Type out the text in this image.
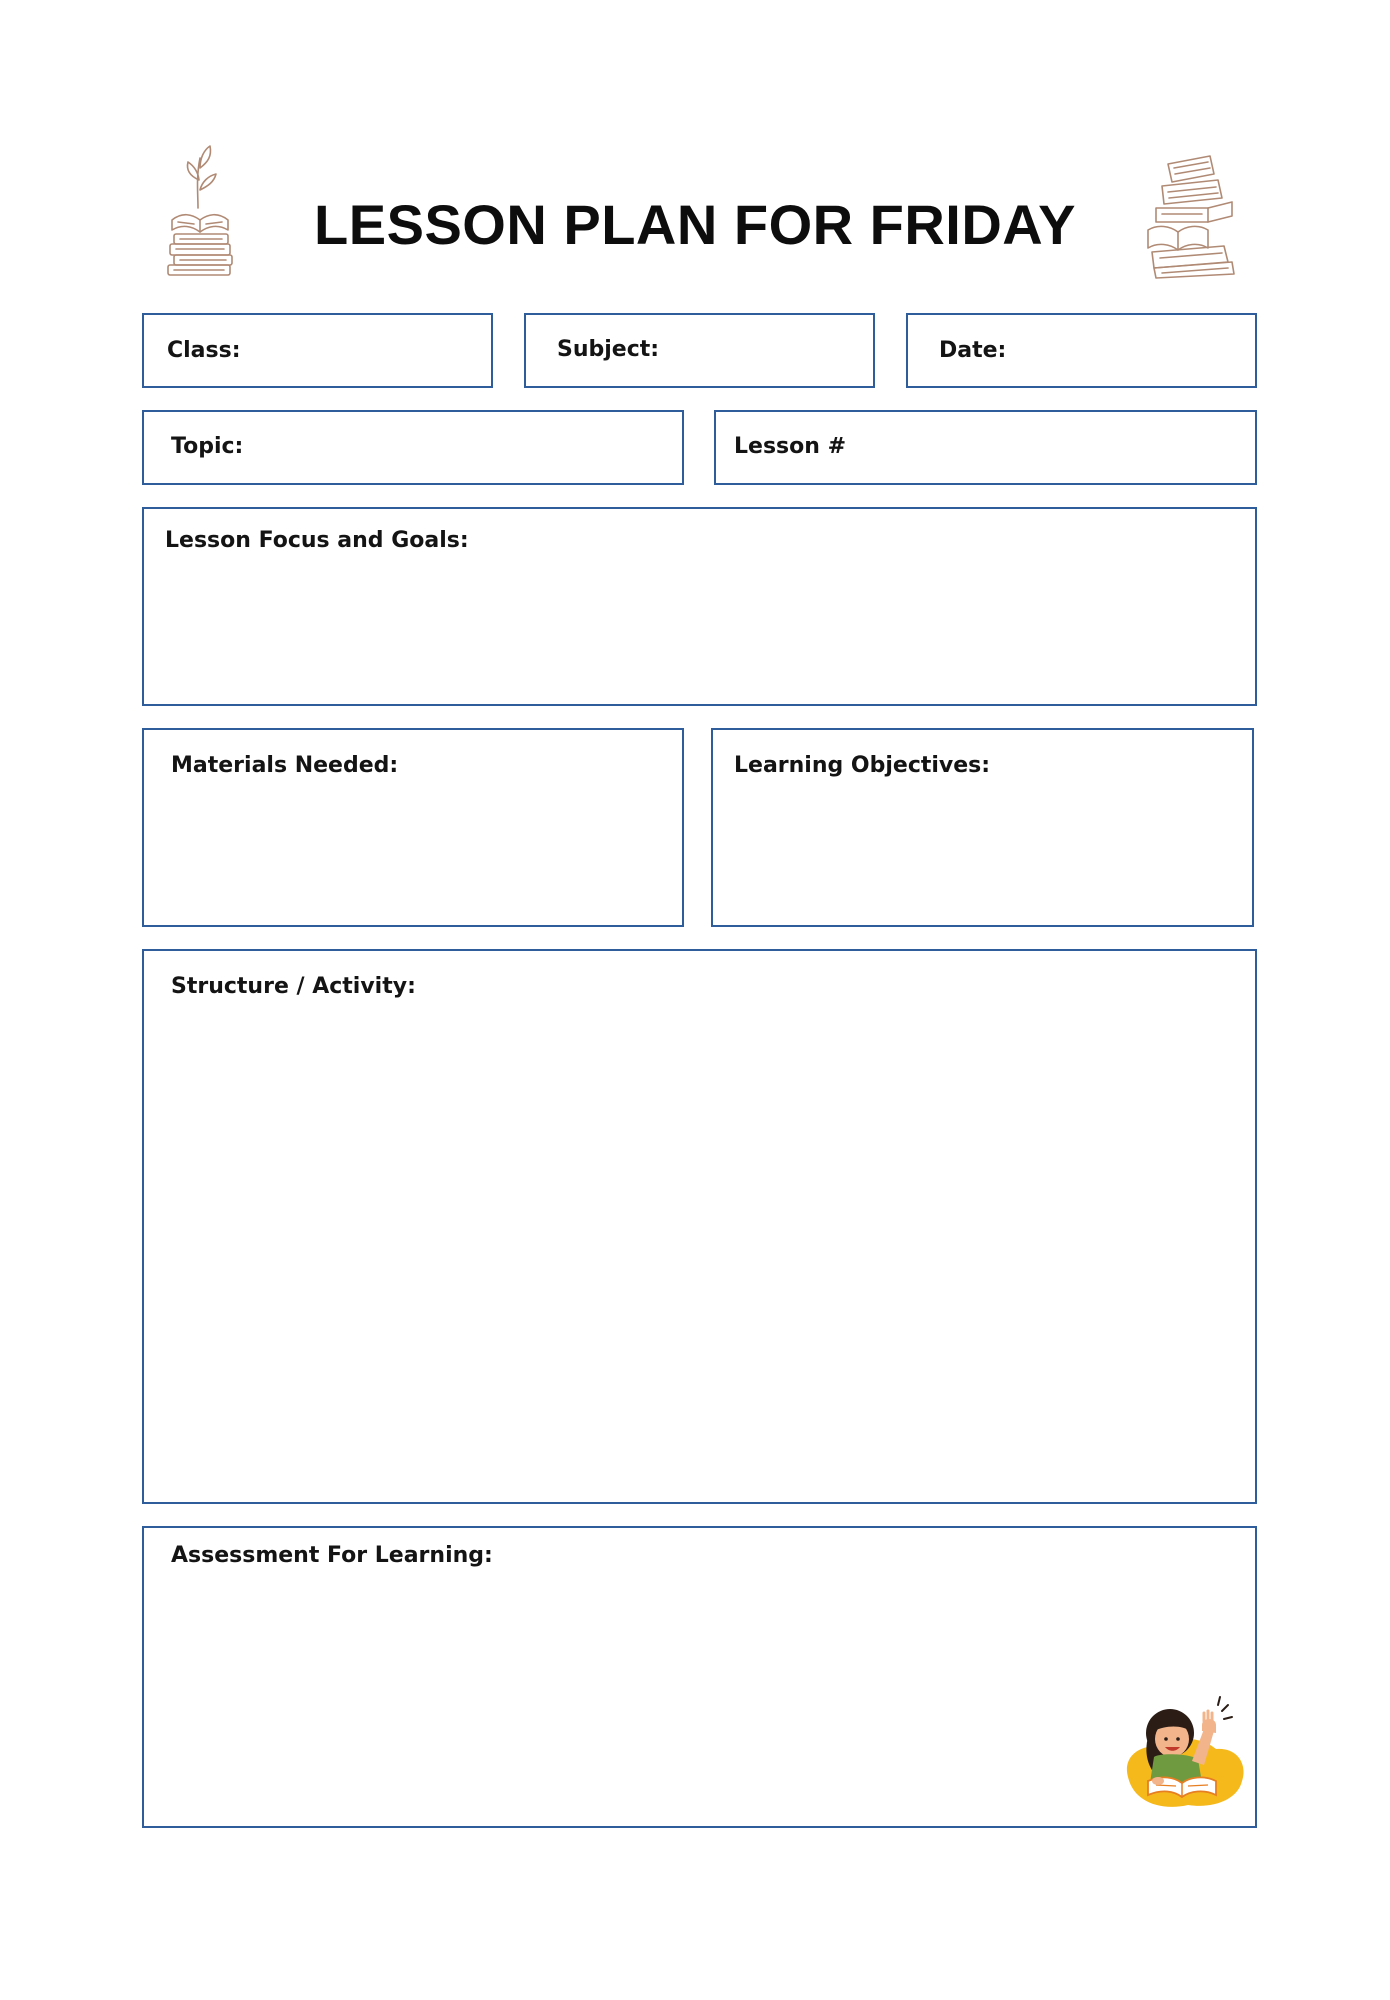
LESSON PLAN FOR FRIDAY
Class:	Subject:	Date:
Topic:	Lesson #
Lesson Focus and Goals:
Materials Needed:	Learning Objectives:
Structure / Activity:
Assessment For Learning:
